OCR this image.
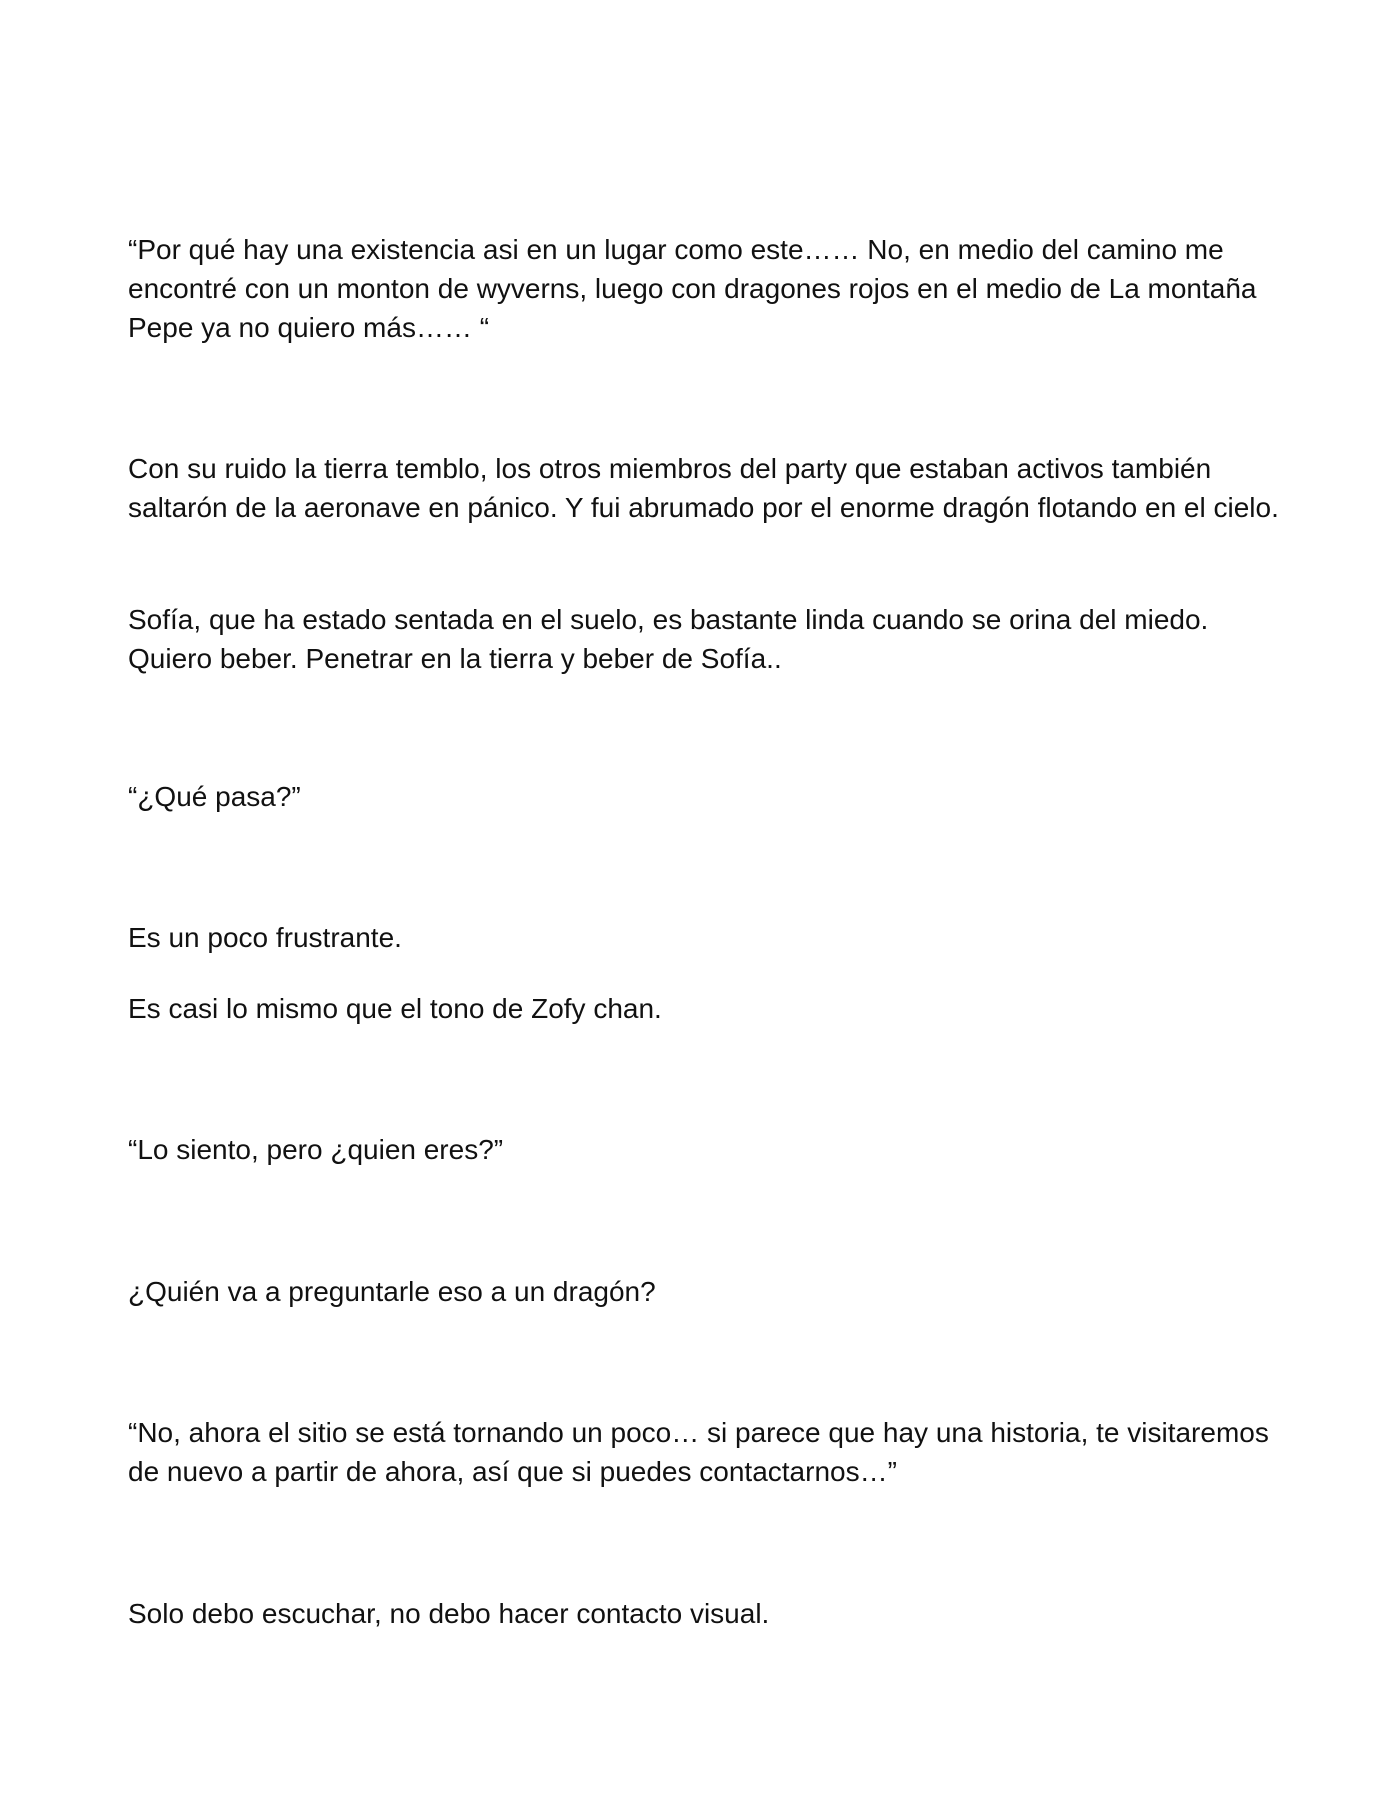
“Por qué hay una existencia asi en un lugar como este…… No, en medio del camino me encontré con un monton de wyverns, luego con dragones rojos en el medio de La montaña Pepe ya no quiero más…… “

Con su ruido la tierra temblo, los otros miembros del party que estaban activos también saltarón de la aeronave en pánico. Y fui abrumado por el enorme dragón flotando en el cielo.

Sofía, que ha estado sentada en el suelo, es bastante linda cuando se orina del miedo. Quiero beber. Penetrar en la tierra y beber de Sofía..

“¿Qué pasa?”

Es un poco frustrante.

Es casi lo mismo que el tono de Zofy chan.

“Lo siento, pero ¿quien eres?”

¿Quién va a preguntarle eso a un dragón?

“No, ahora el sitio se está tornando un poco… si parece que hay una historia, te visitaremos de nuevo a partir de ahora, así que si puedes contactarnos…”

Solo debo escuchar, no debo hacer contacto visual.
